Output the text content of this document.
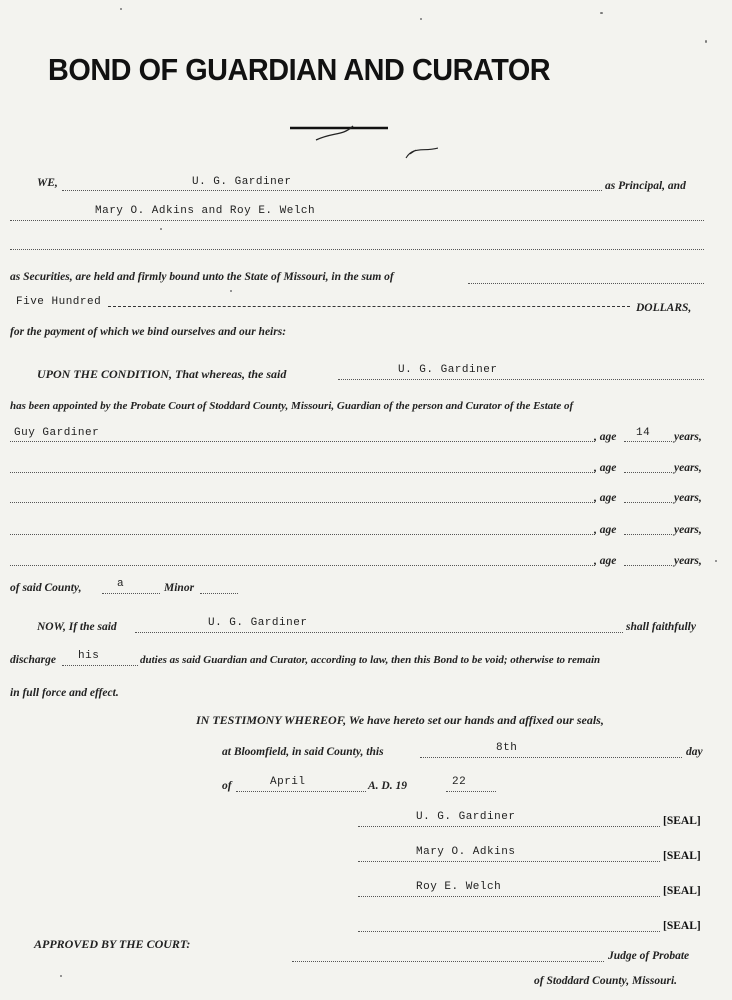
BOND OF GUARDIAN AND CURATOR
WE,	U. G. Gardiner	as Principal, and
Mary O. Adkins and Roy E. Welch
as Securities, are held and firmly bound unto the State of Missouri, in the sum of
Five Hundred	DOLLARS,
for the payment of which we bind ourselves and our heirs:
UPON THE CONDITION, That whereas, the said	U. G. Gardiner
has been appointed by the Probate Court of Stoddard County, Missouri, Guardian of the person and Curator of the Estate of
Guy Gardiner	, age 14 years,
, age	years,
, age	years,
, age	years,
, age	years,
of said County,	a	Minor
NOW, If the said	U. G. Gardiner	shall faithfully
discharge his	duties as said Guardian and Curator, according to law, then this Bond to be void; otherwise to remain
in full force and effect.
IN TESTIMONY WHEREOF, We have hereto set our hands and affixed our seals,
at Bloomfield, in said County, this	8th	day
of	April	A. D. 19	22
U. G. Gardiner	[SEAL]
Mary O. Adkins	[SEAL]
Roy E. Welch	[SEAL]
[SEAL]
APPROVED BY THE COURT:
Judge of Probate
of Stoddard County, Missouri.
